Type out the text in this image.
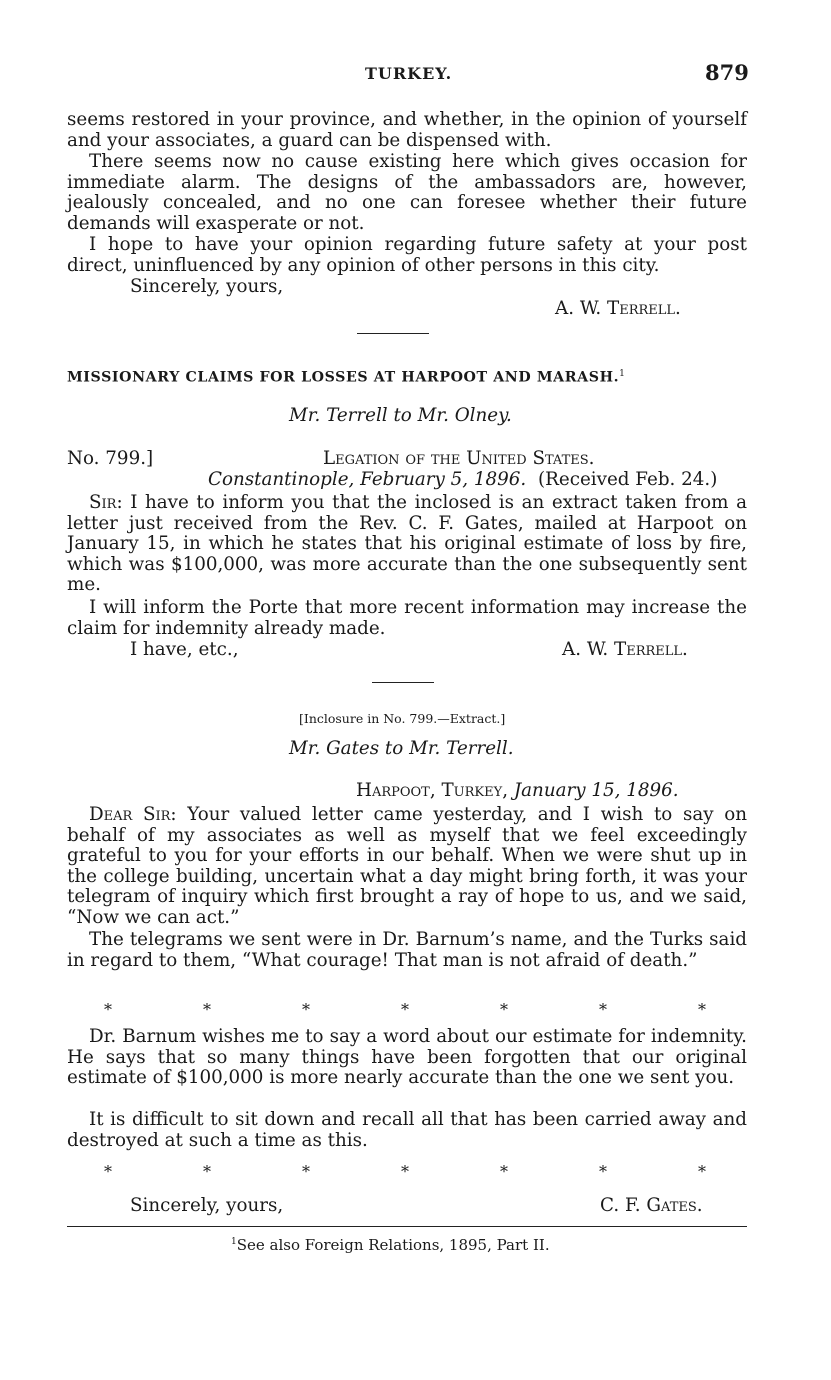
TURKEY.	879
seems restored in your province, and whether, in the opinion of yourself and your associates, a guard can be dispensed with.
There seems now no cause existing here which gives occasion for immediate alarm. The designs of the ambassadors are, however, jealously concealed, and no one can foresee whether their future demands will exasperate or not.
I hope to have your opinion regarding future safety at your post direct, uninfluenced by any opinion of other persons in this city.
Sincerely, yours,
A. W. Terrell.
MISSIONARY CLAIMS FOR LOSSES AT HARPOOT AND MARASH.$^1$
Mr. Terrell to Mr. Olney.
No. 799.]	Legation of the United States.
Constantinople, February 5, 1896. (Received Feb. 24.)
Sir: I have to inform you that the inclosed is an extract taken from a letter just received from the Rev. C. F. Gates, mailed at Harpoot on January 15, in which he states that his original estimate of loss by fire, which was $100,000, was more accurate than the one subsequently sent me.
I will inform the Porte that more recent information may increase the claim for indemnity already made.
I have, etc.,	A. W. Terrell.
[Inclosure in No. 799.—Extract.]
Mr. Gates to Mr. Terrell.
Harpoot, Turkey, January 15, 1896.
Dear Sir: Your valued letter came yesterday, and I wish to say on behalf of my associates as well as myself that we feel exceedingly grateful to you for your efforts in our behalf. When we were shut up in the college building, uncertain what a day might bring forth, it was your telegram of inquiry which first brought a ray of hope to us, and we said, “Now we can act.”
The telegrams we sent were in Dr. Barnum’s name, and the Turks said in regard to them, “What courage! That man is not afraid of death.”
*	*	*	*	*	*	*
Dr. Barnum wishes me to say a word about our estimate for indemnity. He says that so many things have been forgotten that our original estimate of $100,000 is more nearly accurate than the one we sent you.
It is difficult to sit down and recall all that has been carried away and destroyed at such a time as this.
*	*	*	*	*	*	*
Sincerely, yours,	C. F. Gates.
$^1$See also Foreign Relations, 1895, Part II.
